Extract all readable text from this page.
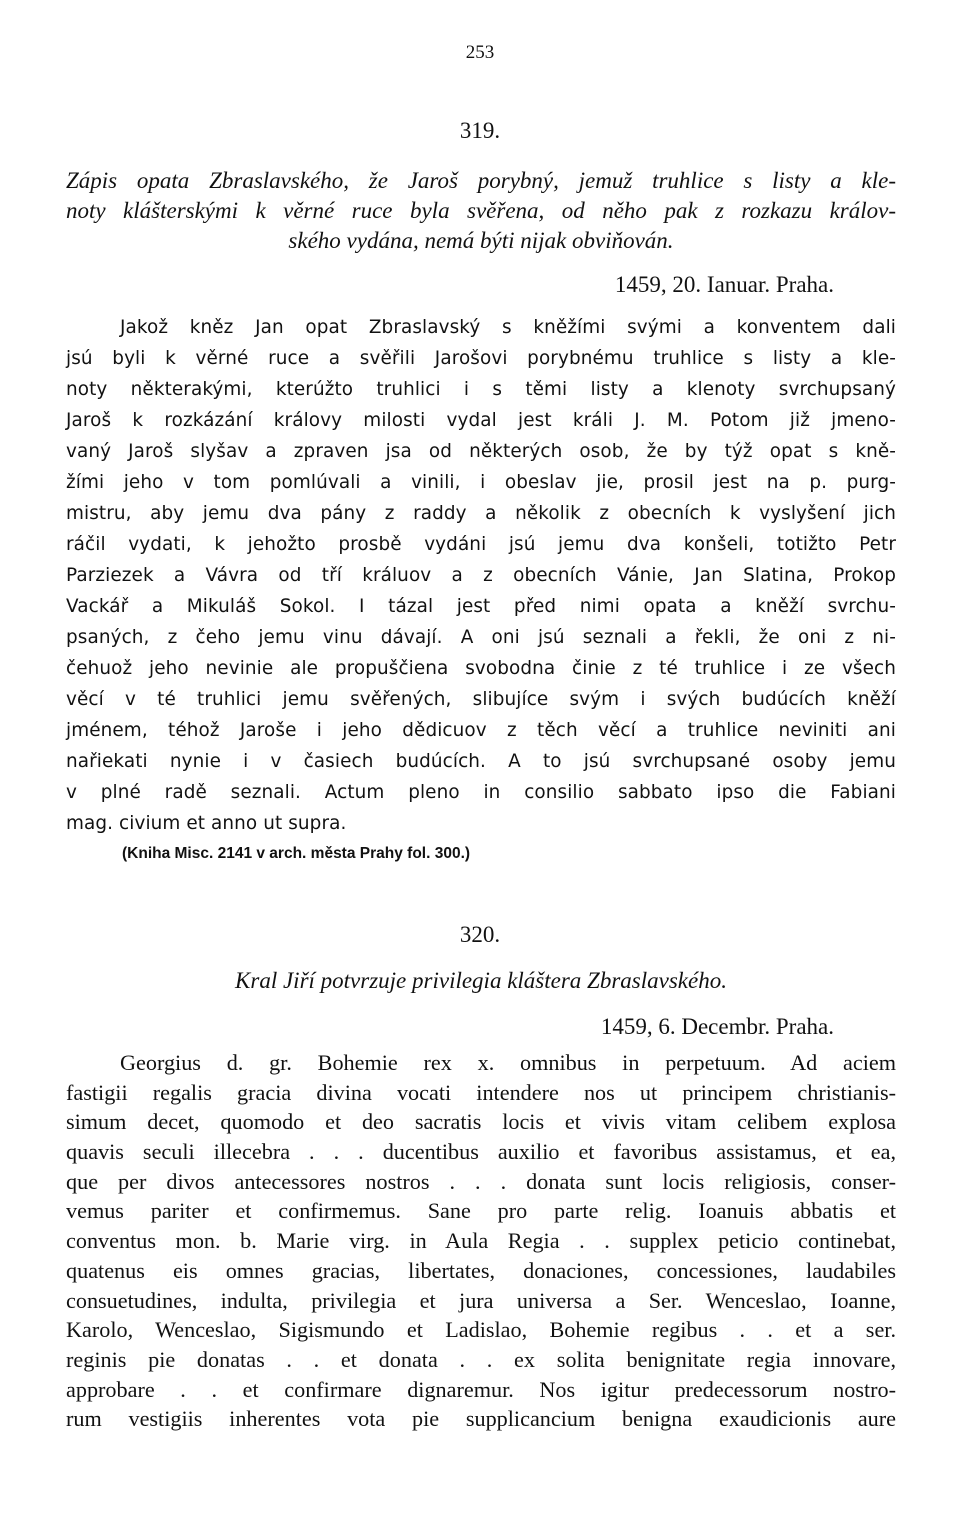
253
319.
Zápis opata Zbraslavského, že Jaroš porybný, jemuž truhlice s listy a kle-
noty klášterskými k věrné ruce byla svěřena, od něho pak z rozkazu králov-
ského vydána, nemá býti nijak obviňován.
1459, 20. Ianuar. Praha.
Jakož kněz Jan opat Zbraslavský s kněžími svými a konventem dali
jsú byli k věrné ruce a svěřili Jarošovi porybnému truhlice s listy a kle-
noty některakými, kterúžto truhlici i s těmi listy a klenoty svrchupsaný
Jaroš k rozkázání královy milosti vydal jest králi J. M. Potom již jmeno-
vaný Jaroš slyšav a zpraven jsa od některých osob, že by týž opat s kně-
žími jeho v tom pomlúvali a vinili, i obeslav jie, prosil jest na p. purg-
mistru, aby jemu dva pány z raddy a několik z obecních k vyslyšení jich
ráčil vydati, k jehožto prosbě vydáni jsú jemu dva konšeli, totižto Petr
Parziezek a Vávra od tří králuov a z obecních Vánie, Jan Slatina, Prokop
Vackář a Mikuláš Sokol. I tázal jest před nimi opata a kněží svrchu-
psaných, z čeho jemu vinu dávají. A oni jsú seznali a řekli, že oni z ni-
čehuož jeho nevinie ale propuščiena svobodna činie z té truhlice i ze všech
věcí v té truhlici jemu svěřených, slibujíce svým i svých budúcích kněží
jménem, téhož Jaroše i jeho dědicuov z těch věcí a truhlice neviniti ani
nařiekati nynie i v časiech budúcích. A to jsú svrchupsané osoby jemu
v plné radě seznali. Actum pleno in consilio sabbato ipso die Fabiani
mag. civium et anno ut supra.
(Kniha Misc. 2141 v arch. města Prahy fol. 300.)
320.
Kral Jiří potvrzuje privilegia kláštera Zbraslavského.
1459, 6. Decembr. Praha.
Georgius d. gr. Bohemie rex x. omnibus in perpetuum. Ad aciem
fastigii regalis gracia divina vocati intendere nos ut principem christianis-
simum decet, quomodo et deo sacratis locis et vivis vitam celibem explosa
quavis seculi illecebra . . . ducentibus auxilio et favoribus assistamus, et ea,
que per divos antecessores nostros . . . donata sunt locis religiosis, conser-
vemus pariter et confirmemus. Sane pro parte relig. Ioanuis abbatis et
conventus mon. b. Marie virg. in Aula Regia . . supplex peticio continebat,
quatenus eis omnes gracias, libertates, donaciones, concessiones, laudabiles
consuetudines, indulta, privilegia et jura universa a Ser. Wenceslao, Ioanne,
Karolo, Wenceslao, Sigismundo et Ladislao, Bohemie regibus . . et a ser.
reginis pie donatas . . et donata . . ex solita benignitate regia innovare,
approbare . . et confirmare dignaremur. Nos igitur predecessorum nostro-
rum vestigiis inherentes vota pie supplicancium benigna exaudicionis aure
